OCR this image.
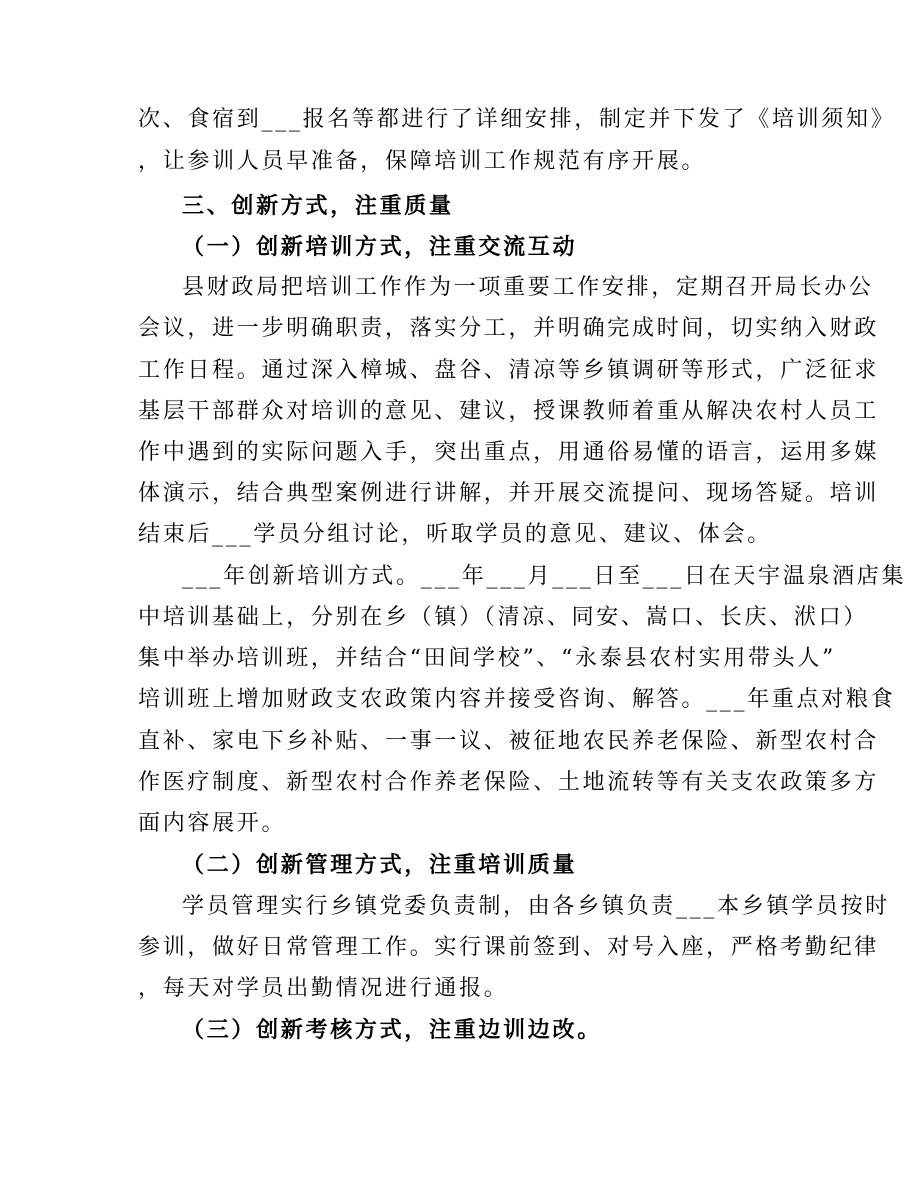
次、食宿到___报名等都进行了详细安排，制定并下发了《培训须知》
，让参训人员早准备，保障培训工作规范有序开展。
三、创新方式，注重质量
（一）创新培训方式，注重交流互动
县财政局把培训工作作为一项重要工作安排，定期召开局长办公
会议，进一步明确职责，落实分工，并明确完成时间，切实纳入财政
工作日程。通过深入樟城、盘谷、清凉等乡镇调研等形式，广泛征求
基层干部群众对培训的意见、建议，授课教师着重从解决农村人员工
作中遇到的实际问题入手，突出重点，用通俗易懂的语言，运用多媒
体演示，结合典型案例进行讲解，并开展交流提问、现场答疑。培训
结束后___学员分组讨论，听取学员的意见、建议、体会。
___年创新培训方式。___年___月___日至___日在天宇温泉酒店集
中培训基础上，分别在乡（镇）（清凉、同安、嵩口、长庆、洑口）
集中举办培训班，并结合“田间学校”、“永泰县农村实用带头人”
培训班上增加财政支农政策内容并接受咨询、解答。___年重点对粮食
直补、家电下乡补贴、一事一议、被征地农民养老保险、新型农村合
作医疗制度、新型农村合作养老保险、土地流转等有关支农政策多方
面内容展开。
（二）创新管理方式，注重培训质量
学员管理实行乡镇党委负责制，由各乡镇负责___本乡镇学员按时
参训，做好日常管理工作。实行课前签到、对号入座，严格考勤纪律
，每天对学员出勤情况进行通报。
（三）创新考核方式，注重边训边改。
